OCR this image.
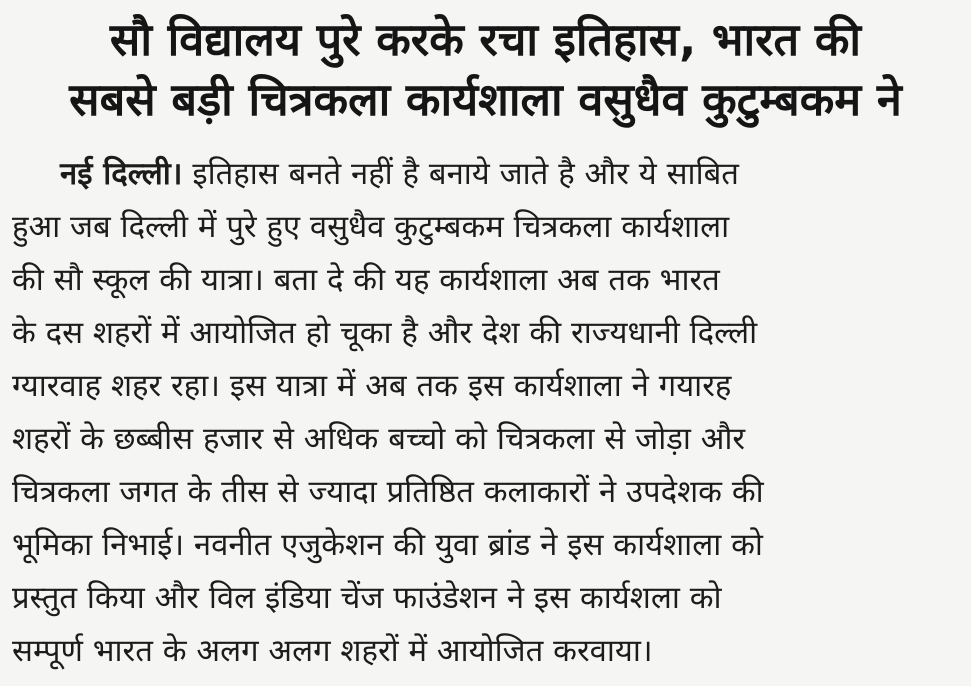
सौ विद्यालय पुरे करके रचा इतिहास, भारत की
सबसे बड़ी चित्रकला कार्यशाला वसुधैव कुटुम्बकम ने
नई दिल्ली। इतिहास बनते नहीं है बनाये जाते है और ये साबित
हुआ जब दिल्ली में पुरे हुए वसुधैव कुटुम्बकम चित्रकला कार्यशाला
की सौ स्कूल की यात्रा। बता दे की यह कार्यशाला अब तक भारत
के दस शहरों में आयोजित हो चूका है और देश की राज्यधानी दिल्ली
ग्यारवाह शहर रहा। इस यात्रा में अब तक इस कार्यशाला ने गयारह
शहरों के छब्बीस हजार से अधिक बच्चो को चित्रकला से जोड़ा और
चित्रकला जगत के तीस से ज्यादा प्रतिष्ठित कलाकारों ने उपदेशक की
भूमिका निभाई। नवनीत एजुकेशन की युवा ब्रांड ने इस कार्यशाला को
प्रस्तुत किया और विल इंडिया चेंज फाउंडेशन ने इस कार्यशला को
सम्पूर्ण भारत के अलग अलग शहरों में आयोजित करवाया।
